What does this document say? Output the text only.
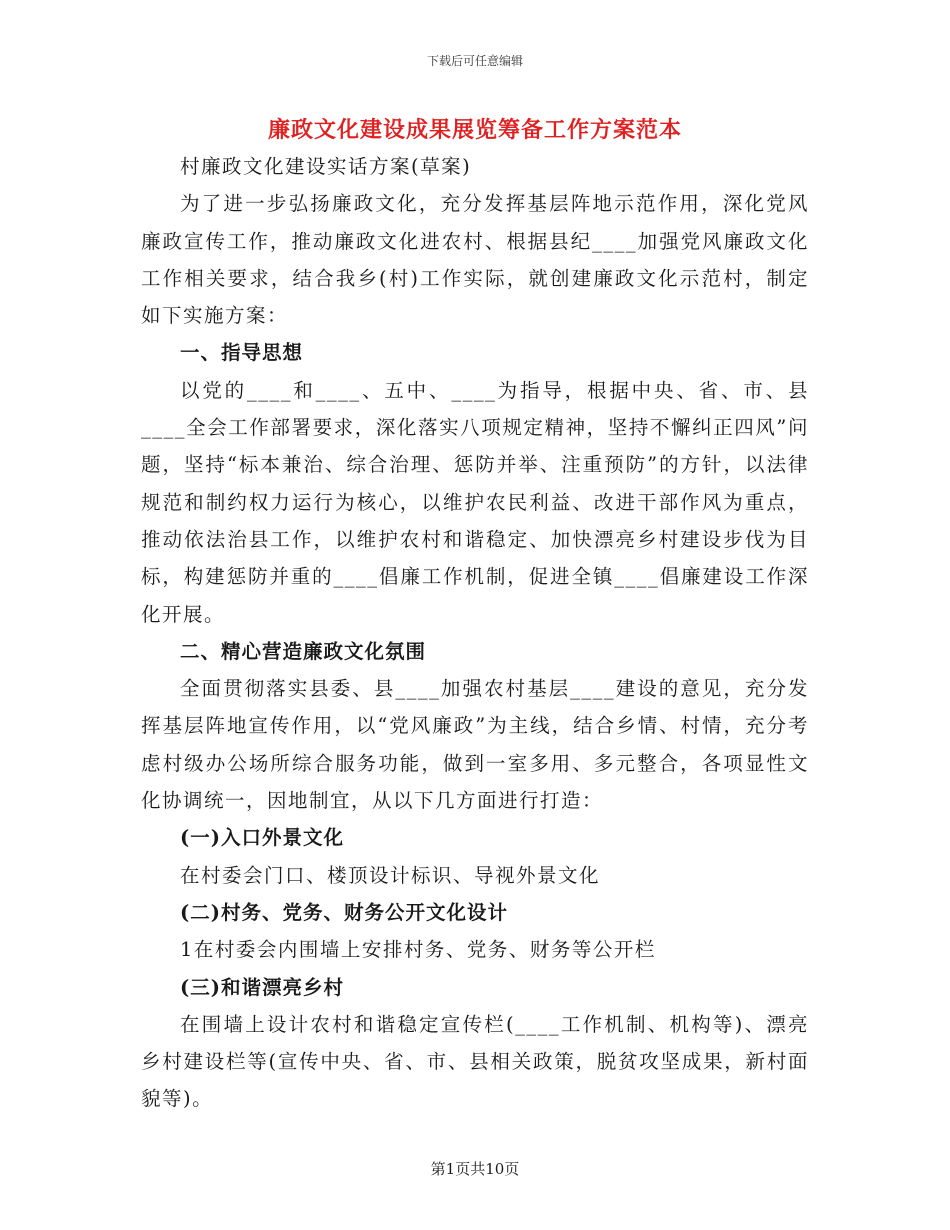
下载后可任意编辑
廉政文化建设成果展览筹备工作方案范本

村廉政文化建设实话方案(草案)

为了进一步弘扬廉政文化，充分发挥基层阵地示范作用，深化党风廉政宣传工作，推动廉政文化进农村、根据县纪____加强党风廉政文化工作相关要求，结合我乡(村)工作实际，就创建廉政文化示范村，制定如下实施方案：

一、指导思想

以党的____和____、五中、____为指导，根据中央、省、市、县____全会工作部署要求，深化落实八项规定精神，坚持不懈纠正四风”问题，坚持“标本兼治、综合治理、惩防并举、注重预防”的方针，以法律规范和制约权力运行为核心，以维护农民利益、改进干部作风为重点，推动依法治县工作，以维护农村和谐稳定、加快漂亮乡村建设步伐为目标，构建惩防并重的____倡廉工作机制，促进全镇____倡廉建设工作深化开展。

二、精心营造廉政文化氛围

全面贯彻落实县委、县____加强农村基层____建设的意见，充分发挥基层阵地宣传作用，以“党风廉政”为主线，结合乡情、村情，充分考虑村级办公场所综合服务功能，做到一室多用、多元整合，各项显性文化协调统一，因地制宜，从以下几方面进行打造：

(一)入口外景文化

在村委会门口、楼顶设计标识、导视外景文化

(二)村务、党务、财务公开文化设计

1在村委会内围墙上安排村务、党务、财务等公开栏

(三)和谐漂亮乡村

在围墙上设计农村和谐稳定宣传栏(____工作机制、机构等)、漂亮乡村建设栏等(宣传中央、省、市、县相关政策，脱贫攻坚成果，新村面貌等)。

第1页共10页
